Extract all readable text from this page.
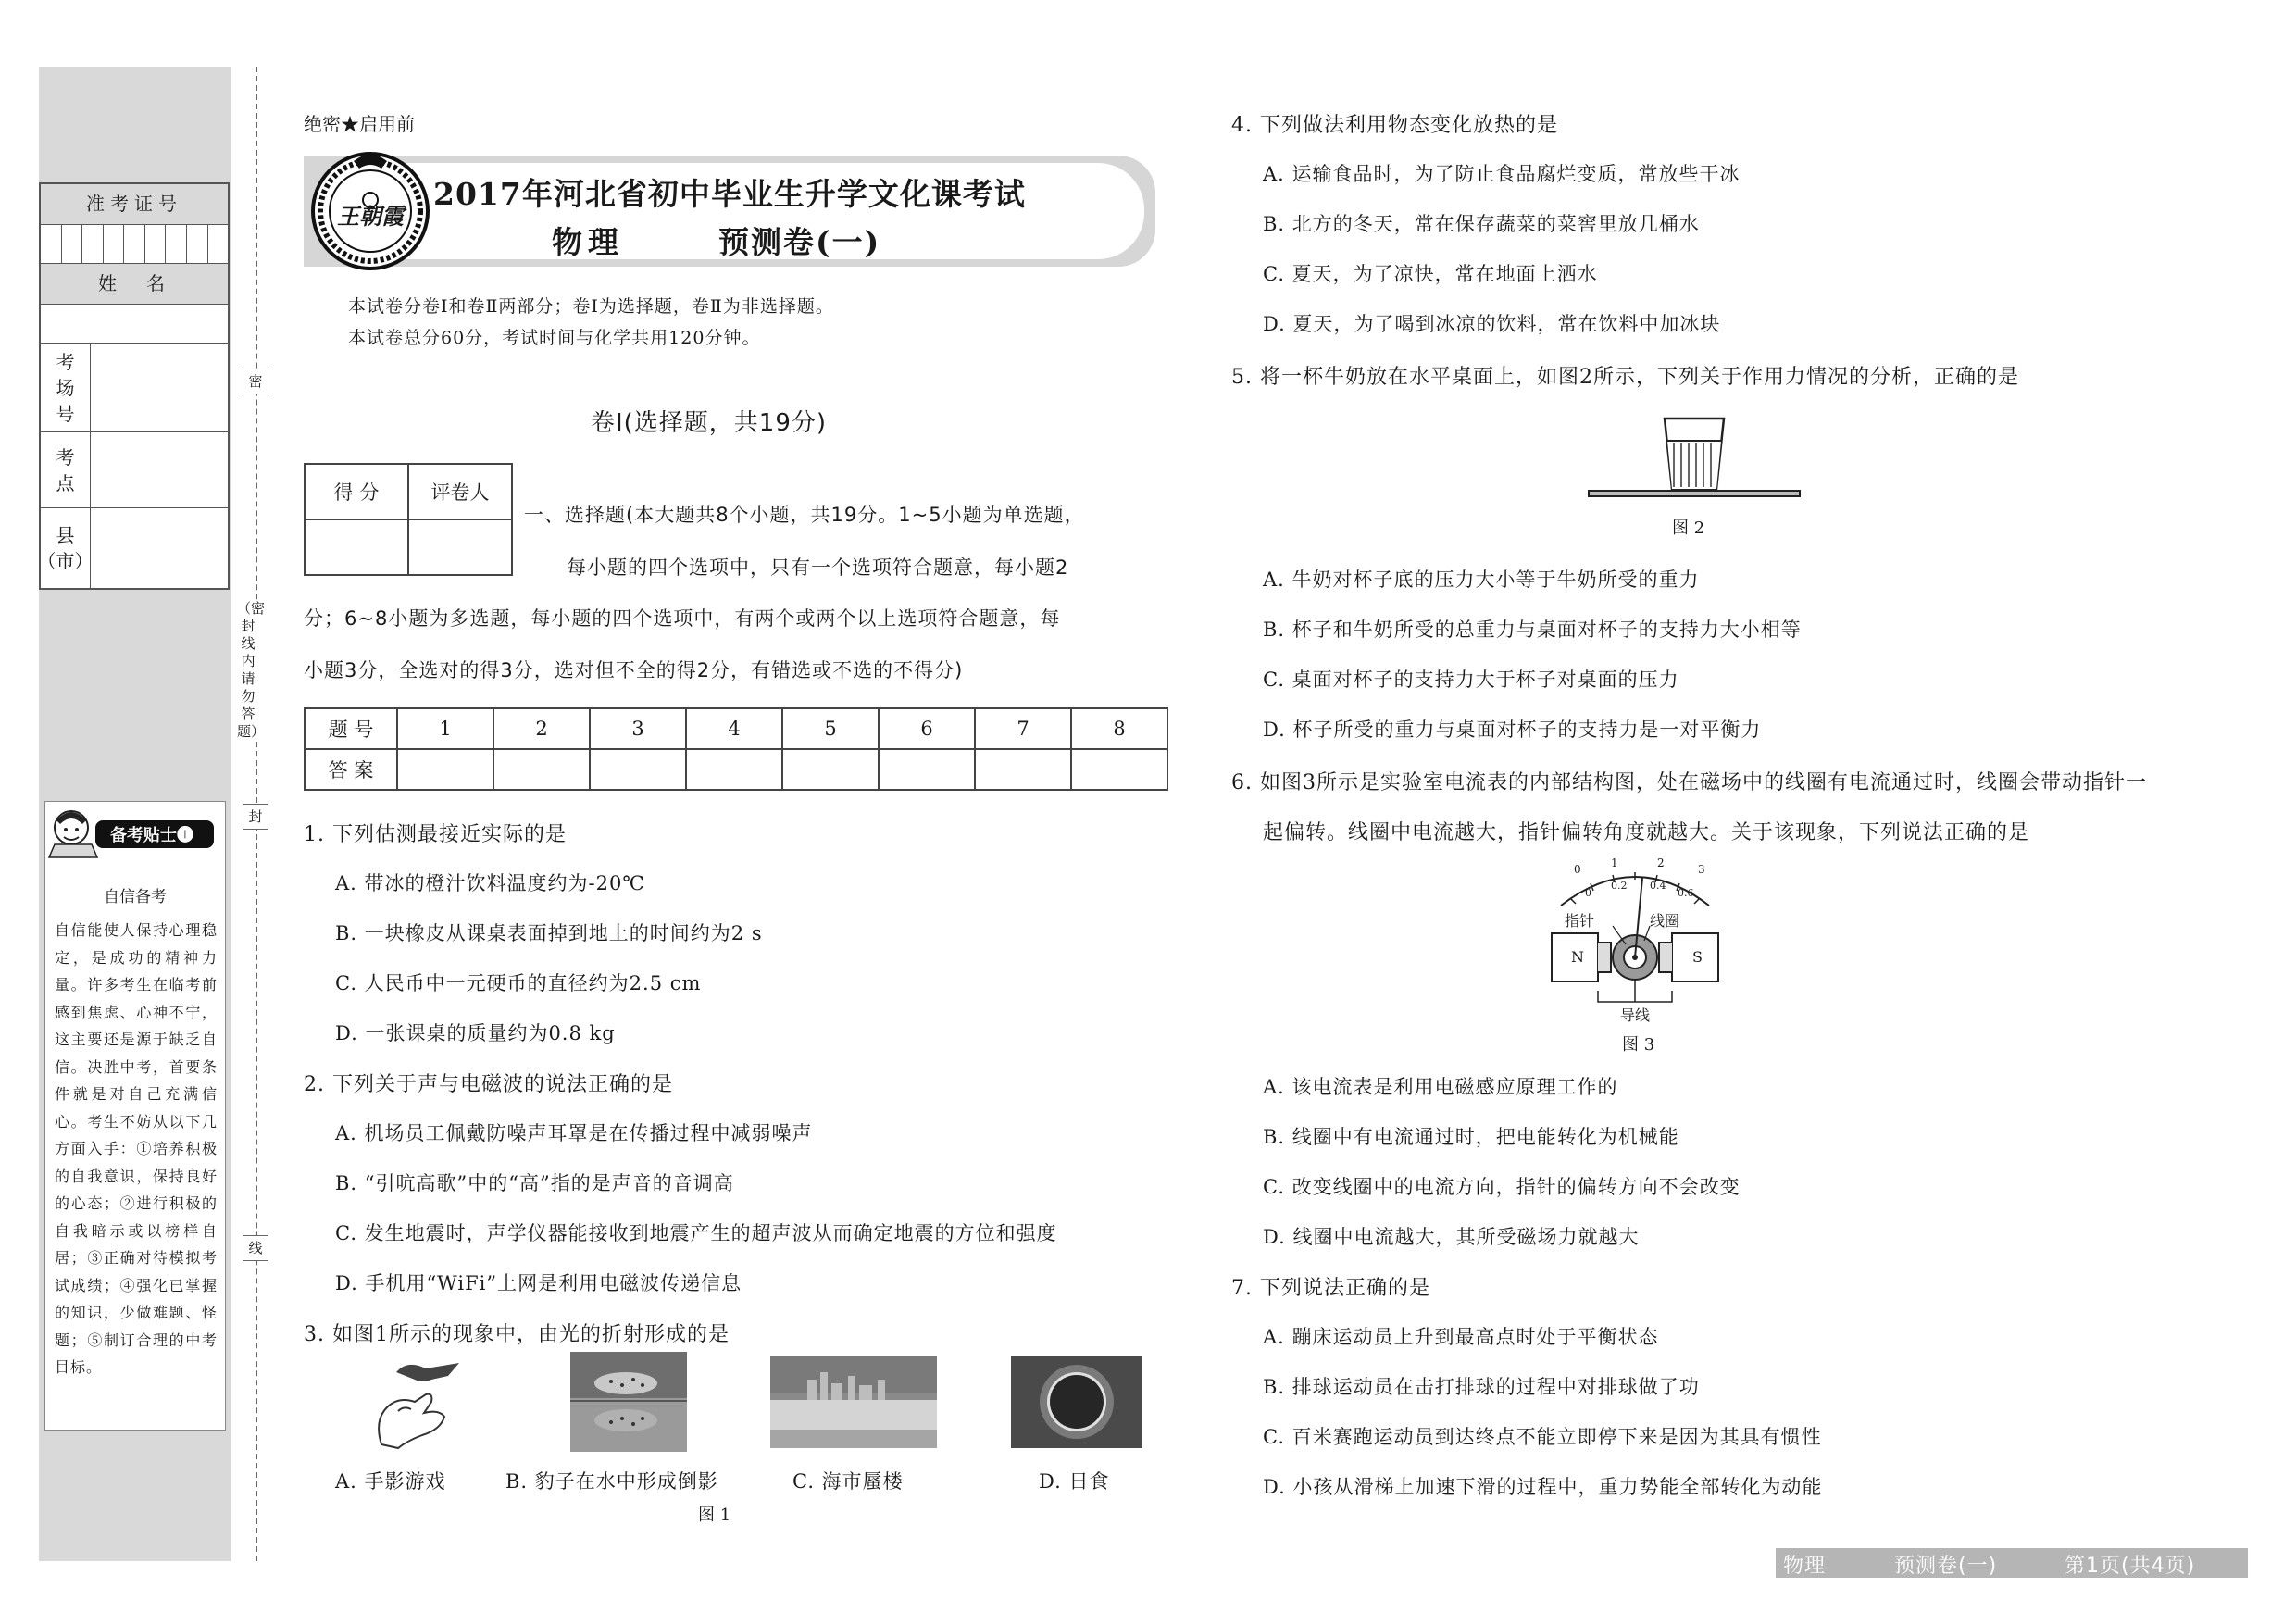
准考证号
姓　名
考场号
考点
县（市）
备考贴士❶
自信备考
自信能使人保持心理稳定，是成功的精神力量。许多考生在临考前感到焦虑、心神不宁，这主要还是源于缺乏自信。决胜中考，首要条件就是对自己充满信心。考生不妨从以下几方面入手：①培养积极的自我意识，保持良好的心态；②进行积极的自我暗示或以榜样自居；③正确对待模拟考试成绩；④强化已掌握的知识，少做难题、怪题；⑤制订合理的中考目标。
密
（密封线内请勿答题）
封
线
绝密★启用前
王朝霞
2017年河北省初中毕业生升学文化课考试
物理	预测卷(一)
本试卷分卷Ⅰ和卷Ⅱ两部分；卷Ⅰ为选择题，卷Ⅱ为非选择题。
本试卷总分60分，考试时间与化学共用120分钟。
卷Ⅰ(选择题，共19分)
得 分	评卷人

一、选择题(本大题共8个小题，共19分。1~5小题为单选题，
每小题的四个选项中，只有一个选项符合题意，每小题2
分；6~8小题为多选题，每小题的四个选项中，有两个或两个以上选项符合题意，每
小题3分，全选对的得3分，选对但不全的得2分，有错选或不选的不得分)
题 号	1	2	3	4	5	6	7	8
答 案								
1. 下列估测最接近实际的是
A. 带冰的橙汁饮料温度约为-20℃
B. 一块橡皮从课桌表面掉到地上的时间约为2 s
C. 人民币中一元硬币的直径约为2.5 cm
D. 一张课桌的质量约为0.8 kg
2. 下列关于声与电磁波的说法正确的是
A. 机场员工佩戴防噪声耳罩是在传播过程中减弱噪声
B. “引吭高歌”中的“高”指的是声音的音调高
C. 发生地震时，声学仪器能接收到地震产生的超声波从而确定地震的方位和强度
D. 手机用“WiFi”上网是利用电磁波传递信息
3. 如图1所示的现象中，由光的折射形成的是
A. 手影游戏	B. 豹子在水中形成倒影	C. 海市蜃楼	D. 日食
图 1
4. 下列做法利用物态变化放热的是
A. 运输食品时，为了防止食品腐烂变质，常放些干冰
B. 北方的冬天，常在保存蔬菜的菜窖里放几桶水
C. 夏天，为了凉快，常在地面上洒水
D. 夏天，为了喝到冰凉的饮料，常在饮料中加冰块
5. 将一杯牛奶放在水平桌面上，如图2所示，下列关于作用力情况的分析，正确的是
图 2
A. 牛奶对杯子底的压力大小等于牛奶所受的重力
B. 杯子和牛奶所受的总重力与桌面对杯子的支持力大小相等
C. 桌面对杯子的支持力大于杯子对桌面的压力
D. 杯子所受的重力与桌面对杯子的支持力是一对平衡力
6. 如图3所示是实验室电流表的内部结构图，处在磁场中的线圈有电流通过时，线圈会带动指针一
起偏转。线圈中电流越大，指针偏转角度就越大。关于该现象，下列说法正确的是
0	1	2	3
0
0.2 0.4
0.6
指针	线圈
N	S
导线
图 3
A. 该电流表是利用电磁感应原理工作的
B. 线圈中有电流通过时，把电能转化为机械能
C. 改变线圈中的电流方向，指针的偏转方向不会改变
D. 线圈中电流越大，其所受磁场力就越大
7. 下列说法正确的是
A. 蹦床运动员上升到最高点时处于平衡状态
B. 排球运动员在击打排球的过程中对排球做了功
C. 百米赛跑运动员到达终点不能立即停下来是因为其具有惯性
D. 小孩从滑梯上加速下滑的过程中，重力势能全部转化为动能
物理	预测卷(一)	第1页(共4页)
